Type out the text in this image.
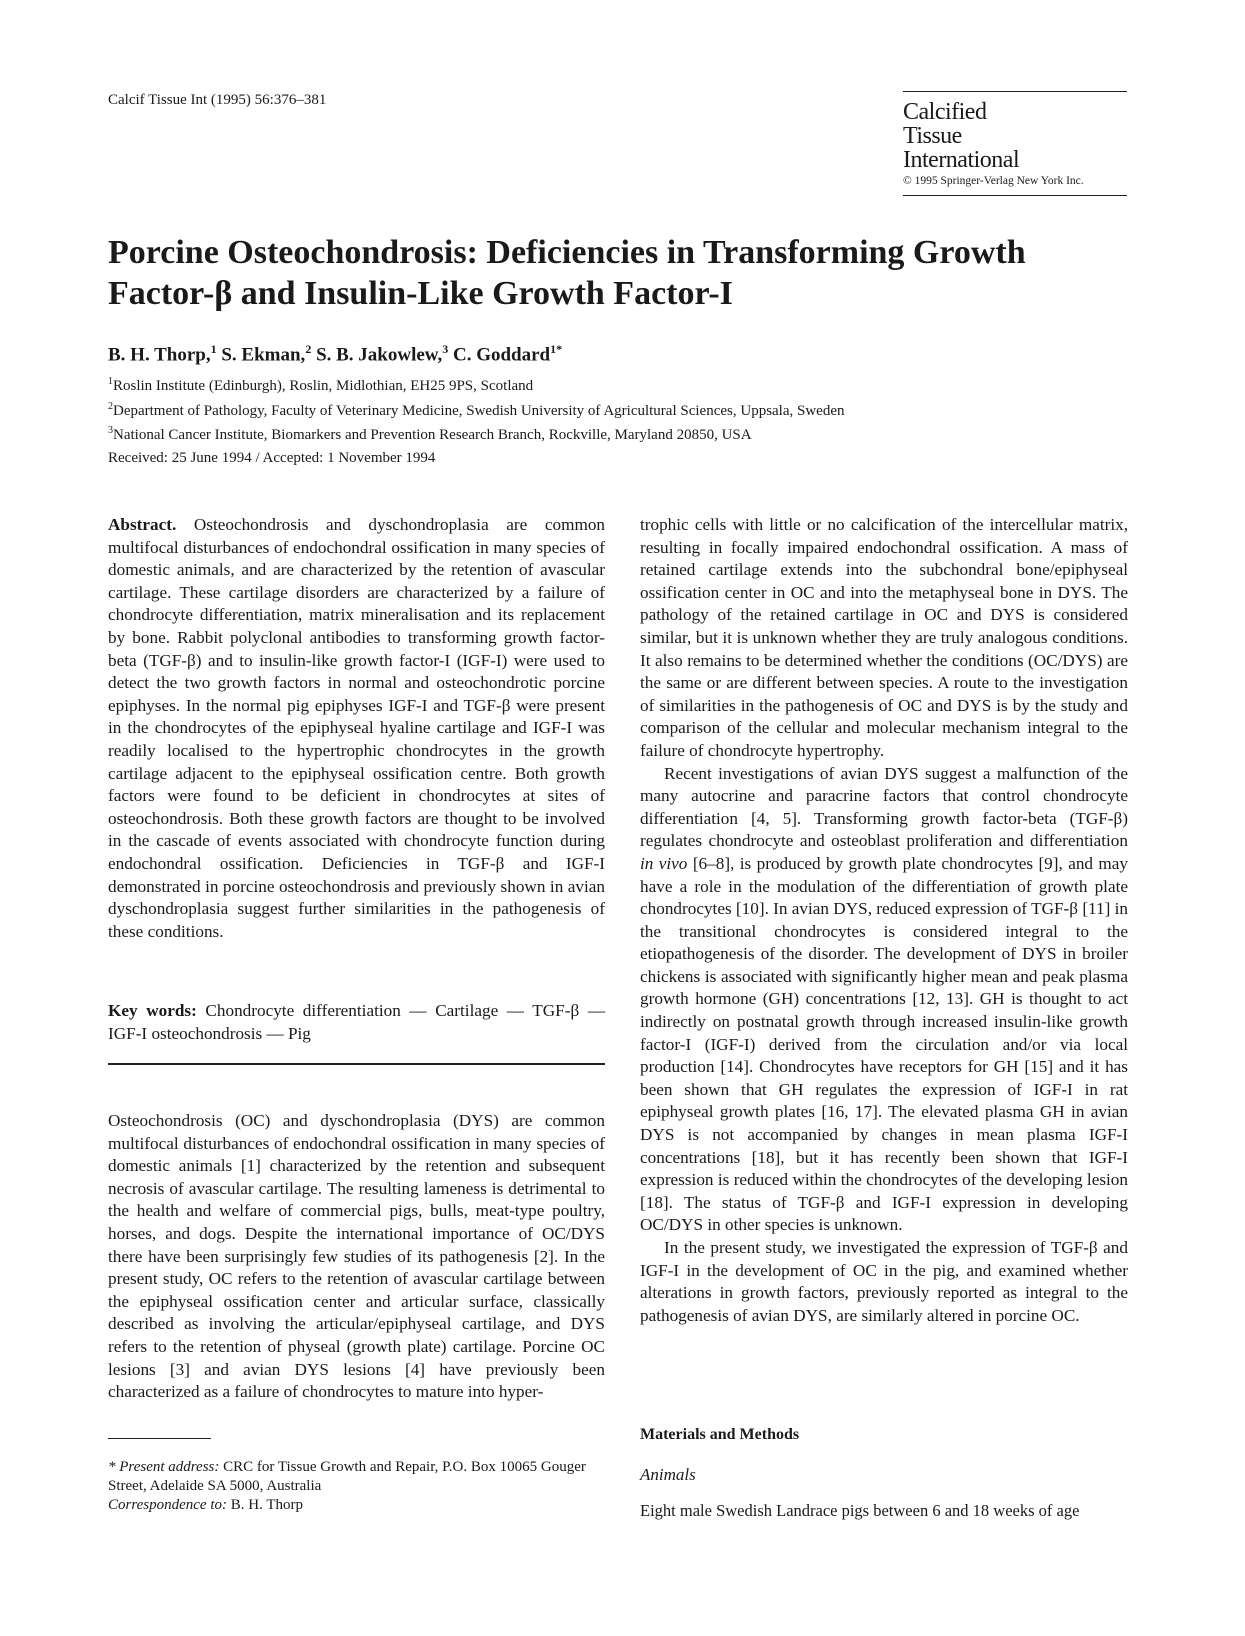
Calcif Tissue Int (1995) 56:376–381	Calcified
Tissue
International
© 1995 Springer-Verlag New York Inc.
Porcine Osteochondrosis: Deficiencies in Transforming Growth Factor-β and Insulin-Like Growth Factor-I
B. H. Thorp,$^1$ S. Ekman,$^2$ S. B. Jakowlew,$^3$ C. Goddard$^{1*}$
$^1$Roslin Institute (Edinburgh), Roslin, Midlothian, EH25 9PS, Scotland
$^2$Department of Pathology, Faculty of Veterinary Medicine, Swedish University of Agricultural Sciences, Uppsala, Sweden
$^3$National Cancer Institute, Biomarkers and Prevention Research Branch, Rockville, Maryland 20850, USA
Received: 25 June 1994 / Accepted: 1 November 1994

Abstract. Osteochondrosis and dyschondroplasia are common multifocal disturbances of endochondral ossification in many species of domestic animals, and are characterized by the retention of avascular cartilage. These cartilage disorders are characterized by a failure of chondrocyte differentiation, matrix mineralisation and its replacement by bone. Rabbit polyclonal antibodies to transforming growth factor-beta (TGF-β) and to insulin-like growth factor-I (IGF-I) were used to detect the two growth factors in normal and osteochondrotic porcine epiphyses. In the normal pig epiphyses IGF-I and TGF-β were present in the chondrocytes of the epiphyseal hyaline cartilage and IGF-I was readily localised to the hypertrophic chondrocytes in the growth cartilage adjacent to the epiphyseal ossification centre. Both growth factors were found to be deficient in chondrocytes at sites of osteochondrosis. Both these growth factors are thought to be involved in the cascade of events associated with chondrocyte function during endochondral ossification. Deficiencies in TGF-β and IGF-I demonstrated in porcine osteochondrosis and previously shown in avian dyschondroplasia suggest further similarities in the pathogenesis of these conditions.

Key words: Chondrocyte differentiation — Cartilage — TGF-β — IGF-I osteochondrosis — Pig

Osteochondrosis (OC) and dyschondroplasia (DYS) are common multifocal disturbances of endochondral ossification in many species of domestic animals [1] characterized by the retention and subsequent necrosis of avascular cartilage. The resulting lameness is detrimental to the health and welfare of commercial pigs, bulls, meat-type poultry, horses, and dogs. Despite the international importance of OC/DYS there have been surprisingly few studies of its pathogenesis [2]. In the present study, OC refers to the retention of avascular cartilage between the epiphyseal ossification center and articular surface, classically described as involving the articular/epiphyseal cartilage, and DYS refers to the retention of physeal (growth plate) cartilage. Porcine OC lesions [3] and avian DYS lesions [4] have previously been characterized as a failure of chondrocytes to mature into hyper-

* Present address: CRC for Tissue Growth and Repair, P.O. Box 10065 Gouger Street, Adelaide SA 5000, Australia

Correspondence to: B. H. Thorp

trophic cells with little or no calcification of the intercellular matrix, resulting in focally impaired endochondral ossification. A mass of retained cartilage extends into the subchondral bone/epiphyseal ossification center in OC and into the metaphyseal bone in DYS. The pathology of the retained cartilage in OC and DYS is considered similar, but it is unknown whether they are truly analogous conditions. It also remains to be determined whether the conditions (OC/DYS) are the same or are different between species. A route to the investigation of similarities in the pathogenesis of OC and DYS is by the study and comparison of the cellular and molecular mechanism integral to the failure of chondrocyte hypertrophy.

Recent investigations of avian DYS suggest a malfunction of the many autocrine and paracrine factors that control chondrocyte differentiation [4, 5]. Transforming growth factor-beta (TGF-β) regulates chondrocyte and osteoblast proliferation and differentiation in vivo [6–8], is produced by growth plate chondrocytes [9], and may have a role in the modulation of the differentiation of growth plate chondrocytes [10]. In avian DYS, reduced expression of TGF-β [11] in the transitional chondrocytes is considered integral to the etiopathogenesis of the disorder. The development of DYS in broiler chickens is associated with significantly higher mean and peak plasma growth hormone (GH) concentrations [12, 13]. GH is thought to act indirectly on postnatal growth through increased insulin-like growth factor-I (IGF-I) derived from the circulation and/or via local production [14]. Chondrocytes have receptors for GH [15] and it has been shown that GH regulates the expression of IGF-I in rat epiphyseal growth plates [16, 17]. The elevated plasma GH in avian DYS is not accompanied by changes in mean plasma IGF-I concentrations [18], but it has recently been shown that IGF-I expression is reduced within the chondrocytes of the developing lesion [18]. The status of TGF-β and IGF-I expression in developing OC/DYS in other species is unknown.

In the present study, we investigated the expression of TGF-β and IGF-I in the development of OC in the pig, and examined whether alterations in growth factors, previously reported as integral to the pathogenesis of avian DYS, are similarly altered in porcine OC.

Materials and Methods
Animals
Eight male Swedish Landrace pigs between 6 and 18 weeks of age
